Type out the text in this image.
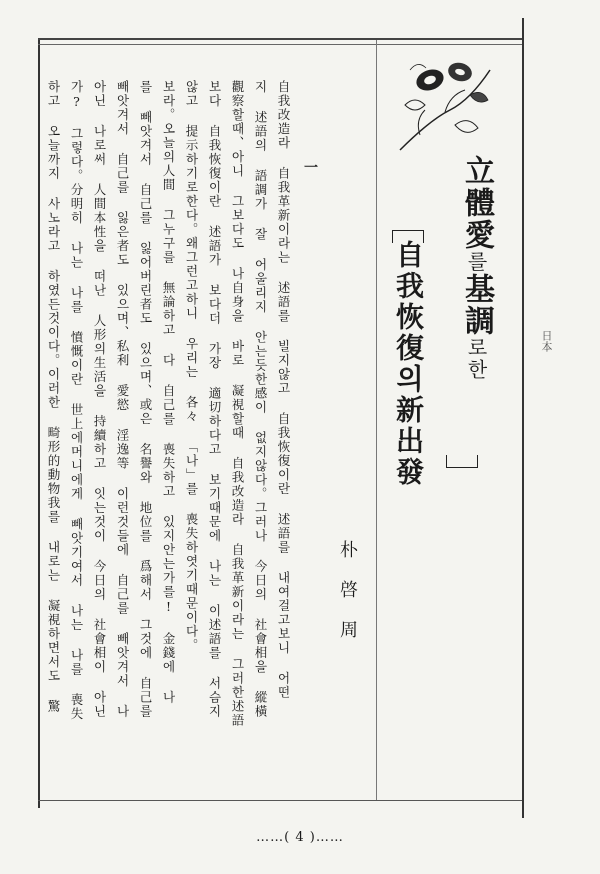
立體愛를基調로한
自我恢復의新出發
朴啓周
自我改造라 自我革新이라는 述語를 빌지않고 自我恢復이란 述語를 내여걸고보니 어떤
지 述語의 語調가 잘 어울리지 안는듯한感이 없지않다。그러나 今日의 社會相을 縱橫
觀察할때、아니 그보다도 나自身을 바로 凝視할때 自我改造라 自我革新이라는 그러한述語
보다 自我恢復이란 述語가 보다더 가장 適切하다고 보기때문에 나는 이述語를 서슴지
않고 提示하기로한다。왜그런고하니 우리는 各々 「나」를 喪失하엿기때문이다。
보라。오늘의人間 그누구를 無論하고 다 自己를 喪失하고 있지안는가를! 金錢에 나
를 빼앗겨서 自己를 잃어버린者도 있으며、或은 名譽와 地位를 爲해서 그것에 自己를
빼앗겨서 自己를 잃은者도 있으며、私利 愛慾 淫逸等 이런것들에 自己를 빼앗겨서 나
아닌 나로써 人間本性을 떠난 人形의生活을 持續하고 잇는것이 今日의 社會相이 아닌
가? 그렇다。分明히 나는 나를 憤慨이란 世上에머니에게 빼앗기여서 나는 나를 喪失
하고 오늘까지 사노라고 하였든것이다。이러한 畸形的動物我를 내로는 凝視하면서도 驚	一
日本
……( 4 )……
